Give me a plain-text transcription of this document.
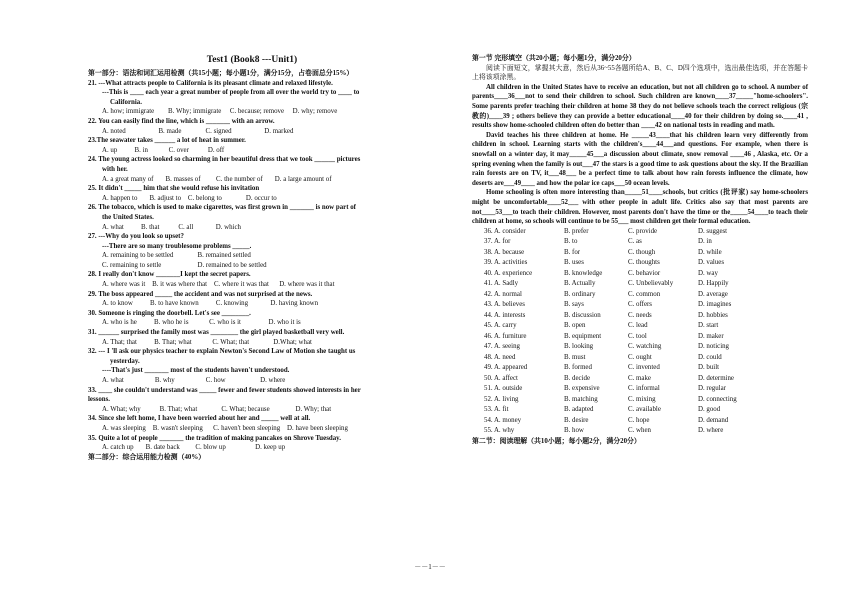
Test1 (Book8 ---Unit1)
第一部分：语法和词汇运用检测（共15小题；每小题1分，满分15分，占卷面总分15%）
21. ---What attracts people to California is its pleasant climate and relaxed lifestyle.
---This is ____ each year a great number of people from all over the world try to ____ to
California.
A. how; immigrate        B. Why; immigrate     C. because; remove     D. why; remove
22. You can easily find the line, which is _______ with an arrow.
A. noted                   B. made              C. signed                   D. marked
23.The seawater takes ______ a lot of heat in summer.
A. up          B. in            C. over           D. off
24. The young actress looked so charming in her beautiful dress that we took ______ pictures
with her.
A. a great many of       B. masses of         C. the number of       D. a large amount of
25. It didn't _____ him that she would refuse his invitation
A. happen to       B. adjust to    C. belong to              D. occur to
26. The tobacco, which is used to make cigarettes, was first grown in _______ is now part of
the United States.
A. what          B. that           C. all             D. which
27. ---Why do you look so upset?
---There are so many troublesome problems _____.
A. remaining to be settled              B. remained settled
C. remaining to settle                     D. remained to be settled
28. I really don't know _______I kept the secret papers.
A. where was it    B. it was where that    C. where it was that      D. where was it that
29. The boss appeared _____ the accident and was not surprised at the news.
A. to know          B. to have known          C. knowing             D. having known
30. Someone is ringing the doorbell. Let's see ________.
A. who is he          B. who he is            C. who is it                D. who it is
31. ______ surprised the family most was ________ the girl played basketball very well.
A. That; that          B. That; what            C. What; that              D.What; what
32. --- I 'll ask our physics teacher to explain Newton's Second Law of Motion she taught us
yesterday.
----That's just _______ most of the students haven't understood.
A. what                  B. why                  C. how                    D. where
33. ____ she couldn't understand was _____ fewer and fewer students showed interests in her
lessons.
A. What; why           B. That; what              C. What; because               D. Why; that
34. Since she left home, I have been worried about her and _____ well at all.
A. was sleeping    B. wasn't sleeping      C. haven't been sleeping    D. have been sleeping
35. Quite a lot of people _______ the tradition of making pancakes on Shrove Tuesday.
A. catch up       B. date back         C. blow up                 D. keep up
第二部分：综合运用能力检测（40%）
第一节 完形填空（共20小题；每小题1分，满分20分）
阅读下面短文，掌握其大意，然后从36~55各题所给A、B、C、D四个选项中，选出最佳选项，并在答题卡上将该项涂黑。
All children in the United States have to receive an education, but not all children go to school. A number of parents____36___not to send their children to school. Such children are known____37_____"home-schoolers". Some parents prefer teaching their children at home 38 they do not believe schools teach the correct religious (宗教的)____39 ; others believe they can provide a better educational____40 for their children by doing so.____41 , results show home-schooled children often do better than ____42 on national tests in reading and math.
David teaches his three children at home. He _____43____that his children learn very differently from children in school. Learning starts with the children's____44___and questions. For example, when there is snowfall on a winter day, it may_____45___a discussion about climate, snow removal ____46 , Alaska, etc. Or a spring evening when the family is out___47 the stars is a good time to ask questions about the sky. If the Brazilian rain forests are on TV, it___48___ be a perfect time to talk about how rain forests influence the climate, how deserts are___49____ and how the polar ice caps___50 ocean levels.
Home schooling is often more interesting than_____51____schools, but critics (批评家) say home-schoolers might be uncomfortable____52___ with other people in adult life. Critics also say that most parents are not____53___to teach their children. However, most parents don't have the time or the_____54____to teach their children at home, so schools will continue to be 55___ most children get their formal education.
36. A. consider	B. prefer	C. provide	D. suggest
37. A. for	B. to	C. as	D. in
38. A. because	B. for	C. though	D. while
39. A. activities	B. uses	C. thoughts	D. values
40. A. experience	B. knowledge	C. behavior	D. way
41. A. Sadly	B. Actually	C. Unbelievably	D. Happily
42. A. normal	B. ordinary	C. common	D. average
43. A. believes	B. says	C. offers	D. imagines
44. A. interests	B. discussion	C. needs	D. hobbies
45. A. carry	B. open	C. lead	D. start
46. A. furniture	B. equipment	C. tool	D. maker
47. A. seeing	B. looking	C. watching	D. noticing
48. A. need	B. must	C. ought	D. could
49. A. appeared	B. formed	C. invented	D. built
50. A. affect	B. decide	C. make	D. determine
51. A. outside	B. expensive	C. informal	D. regular
52. A. living	B. matching	C. mixing	D. connecting
53. A. fit	B. adapted	C. available	D. good
54. A. money	B. desire	C. hope	D. demand
55. A. why	B. how	C. when	D. where
第二节：阅读理解（共10小题；每小题2分，满分20分）
－－1－－
